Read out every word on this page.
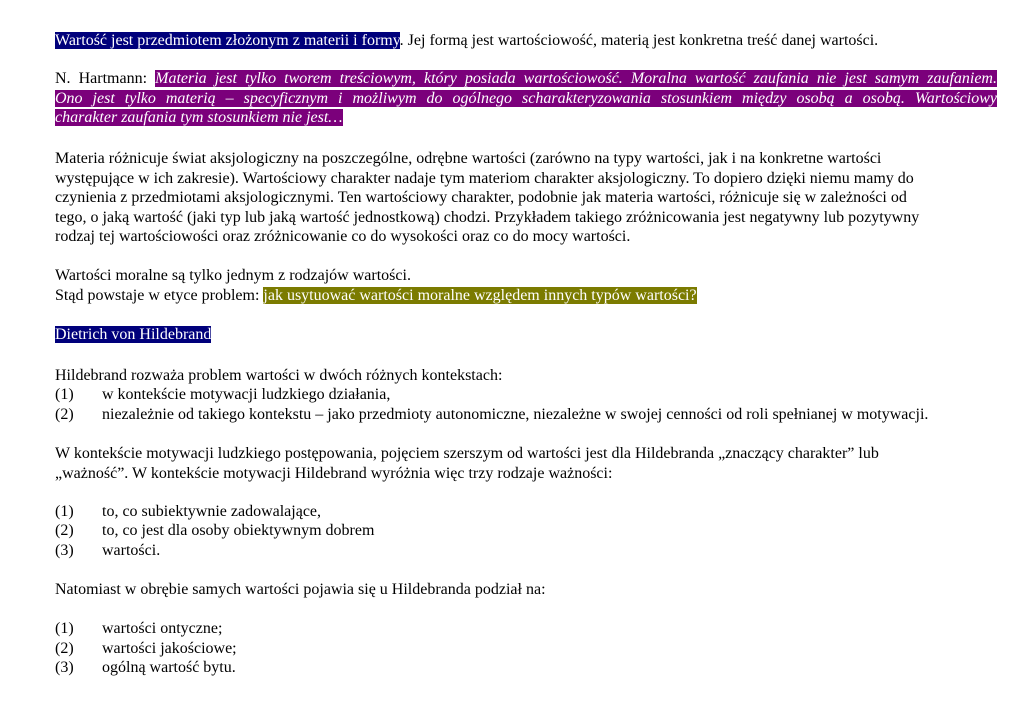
Wartość jest przedmiotem złożonym z materii i formy. Jej formą jest wartościowość, materią jest konkretna treść danej wartości.

N. Hartmann: Materia jest tylko tworem treściowym, który posiada wartościowość. Moralna wartość zaufania nie jest samym zaufaniem.
Ono jest tylko materią – specyficznym i możliwym do ogólnego scharakteryzowania stosunkiem między osobą a osobą. Wartościowy
charakter zaufania tym stosunkiem nie jest…
Materia różnicuje świat aksjologiczny na poszczególne, odrębne wartości (zarówno na typy wartości, jak i na konkretne wartości
występujące w ich zakresie). Wartościowy charakter nadaje tym materiom charakter aksjologiczny. To dopiero dzięki niemu mamy do
czynienia z przedmiotami aksjologicznymi. Ten wartościowy charakter, podobnie jak materia wartości, różnicuje się w zależności od
tego, o jaką wartość (jaki typ lub jaką wartość jednostkową) chodzi. Przykładem takiego zróżnicowania jest negatywny lub pozytywny
rodzaj tej wartościowości oraz zróżnicowanie co do wysokości oraz co do mocy wartości.
Wartości moralne są tylko jednym z rodzajów wartości.
Stąd powstaje w etyce problem: jak usytuować wartości moralne względem innych typów wartości?
Dietrich von Hildebrand
Hildebrand rozważa problem wartości w dwóch różnych kontekstach:
(1) w kontekście motywacji ludzkiego działania,
(2) niezależnie od takiego kontekstu – jako przedmioty autonomiczne, niezależne w swojej cenności od roli spełnianej w motywacji.
W kontekście motywacji ludzkiego postępowania, pojęciem szerszym od wartości jest dla Hildebranda „znaczący charakter” lub
„ważność”. W kontekście motywacji Hildebrand wyróżnia więc trzy rodzaje ważności:
(1) to, co subiektywnie zadowalające,
(2) to, co jest dla osoby obiektywnym dobrem
(3) wartości.
Natomiast w obrębie samych wartości pojawia się u Hildebranda podział na:
(1) wartości ontyczne;
(2) wartości jakościowe;
(3) ogólną wartość bytu.
